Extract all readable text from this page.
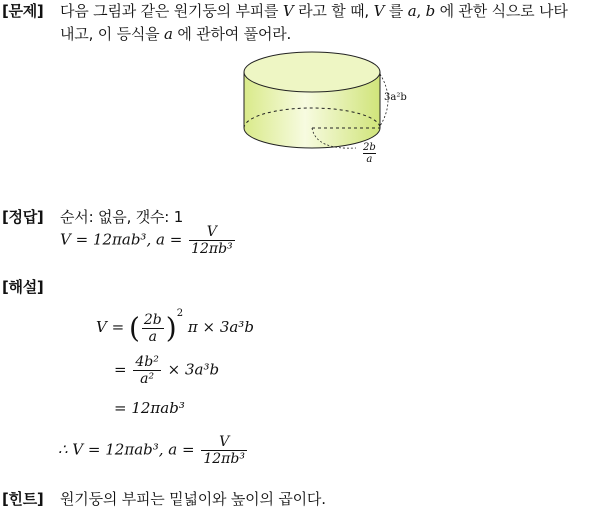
[문제] 다음 그림과 같은 원기둥의 부피를 V 라고 할 때, V 를 a, b 에 관한 식으로 나타
내고, 이 등식을 a 에 관하여 풀어라.
3a²b
$\frac{2b}{a}$
[정답] 순서: 없음, 갯수: 1
V = 12πab³, $a = \frac{V}{\text{12πb³}}$
[해설]
V = ( $\frac{2b}{a} )^2$ π × 3a³b
= $\frac{\text{4b²}}{\text{a²}} \times 3a^3b$
= 12πab³
∴ V = 12πab³, $a = \frac{V}{\text{12πb³}}$
[힌트] 원기둥의 부피는 밑넓이와 높이의 곱이다.
